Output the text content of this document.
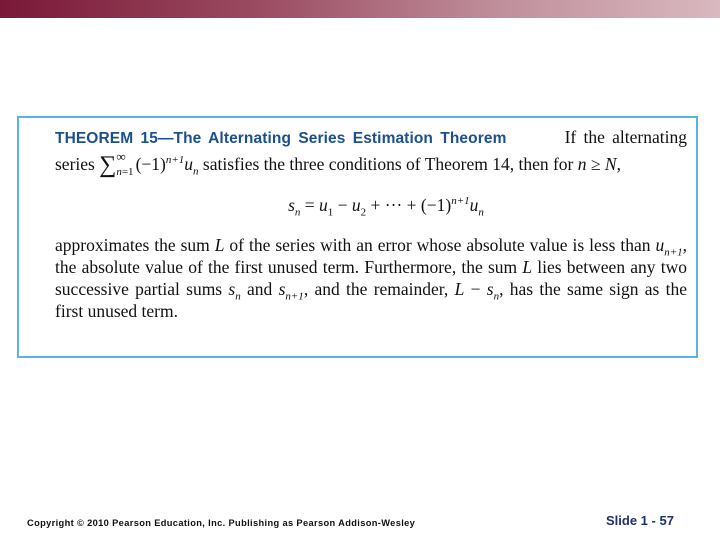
THEOREM 15—The Alternating Series Estimation Theorem	If the alternating series ∑ ∞
n=1 $(-1)^{n+1}u_n$ satisfies the three conditions of Theorem 14, then for n ≥ N,

$s_n = u_1 - u_2$ + ··· + $(-1)^{n+1}u_n$

approximates the sum L of the series with an error whose absolute value is less than $u_{n+1}$, the absolute value of the first unused term. Furthermore, the sum L lies between any two successive partial sums $s_n$ and $s_{n+1}$, and the remainder, $L - s_n$, has the same sign as the first unused term.

Copyright © 2010 Pearson Education, Inc. Publishing as Pearson Addison-Wesley	Slide 1 - 57
